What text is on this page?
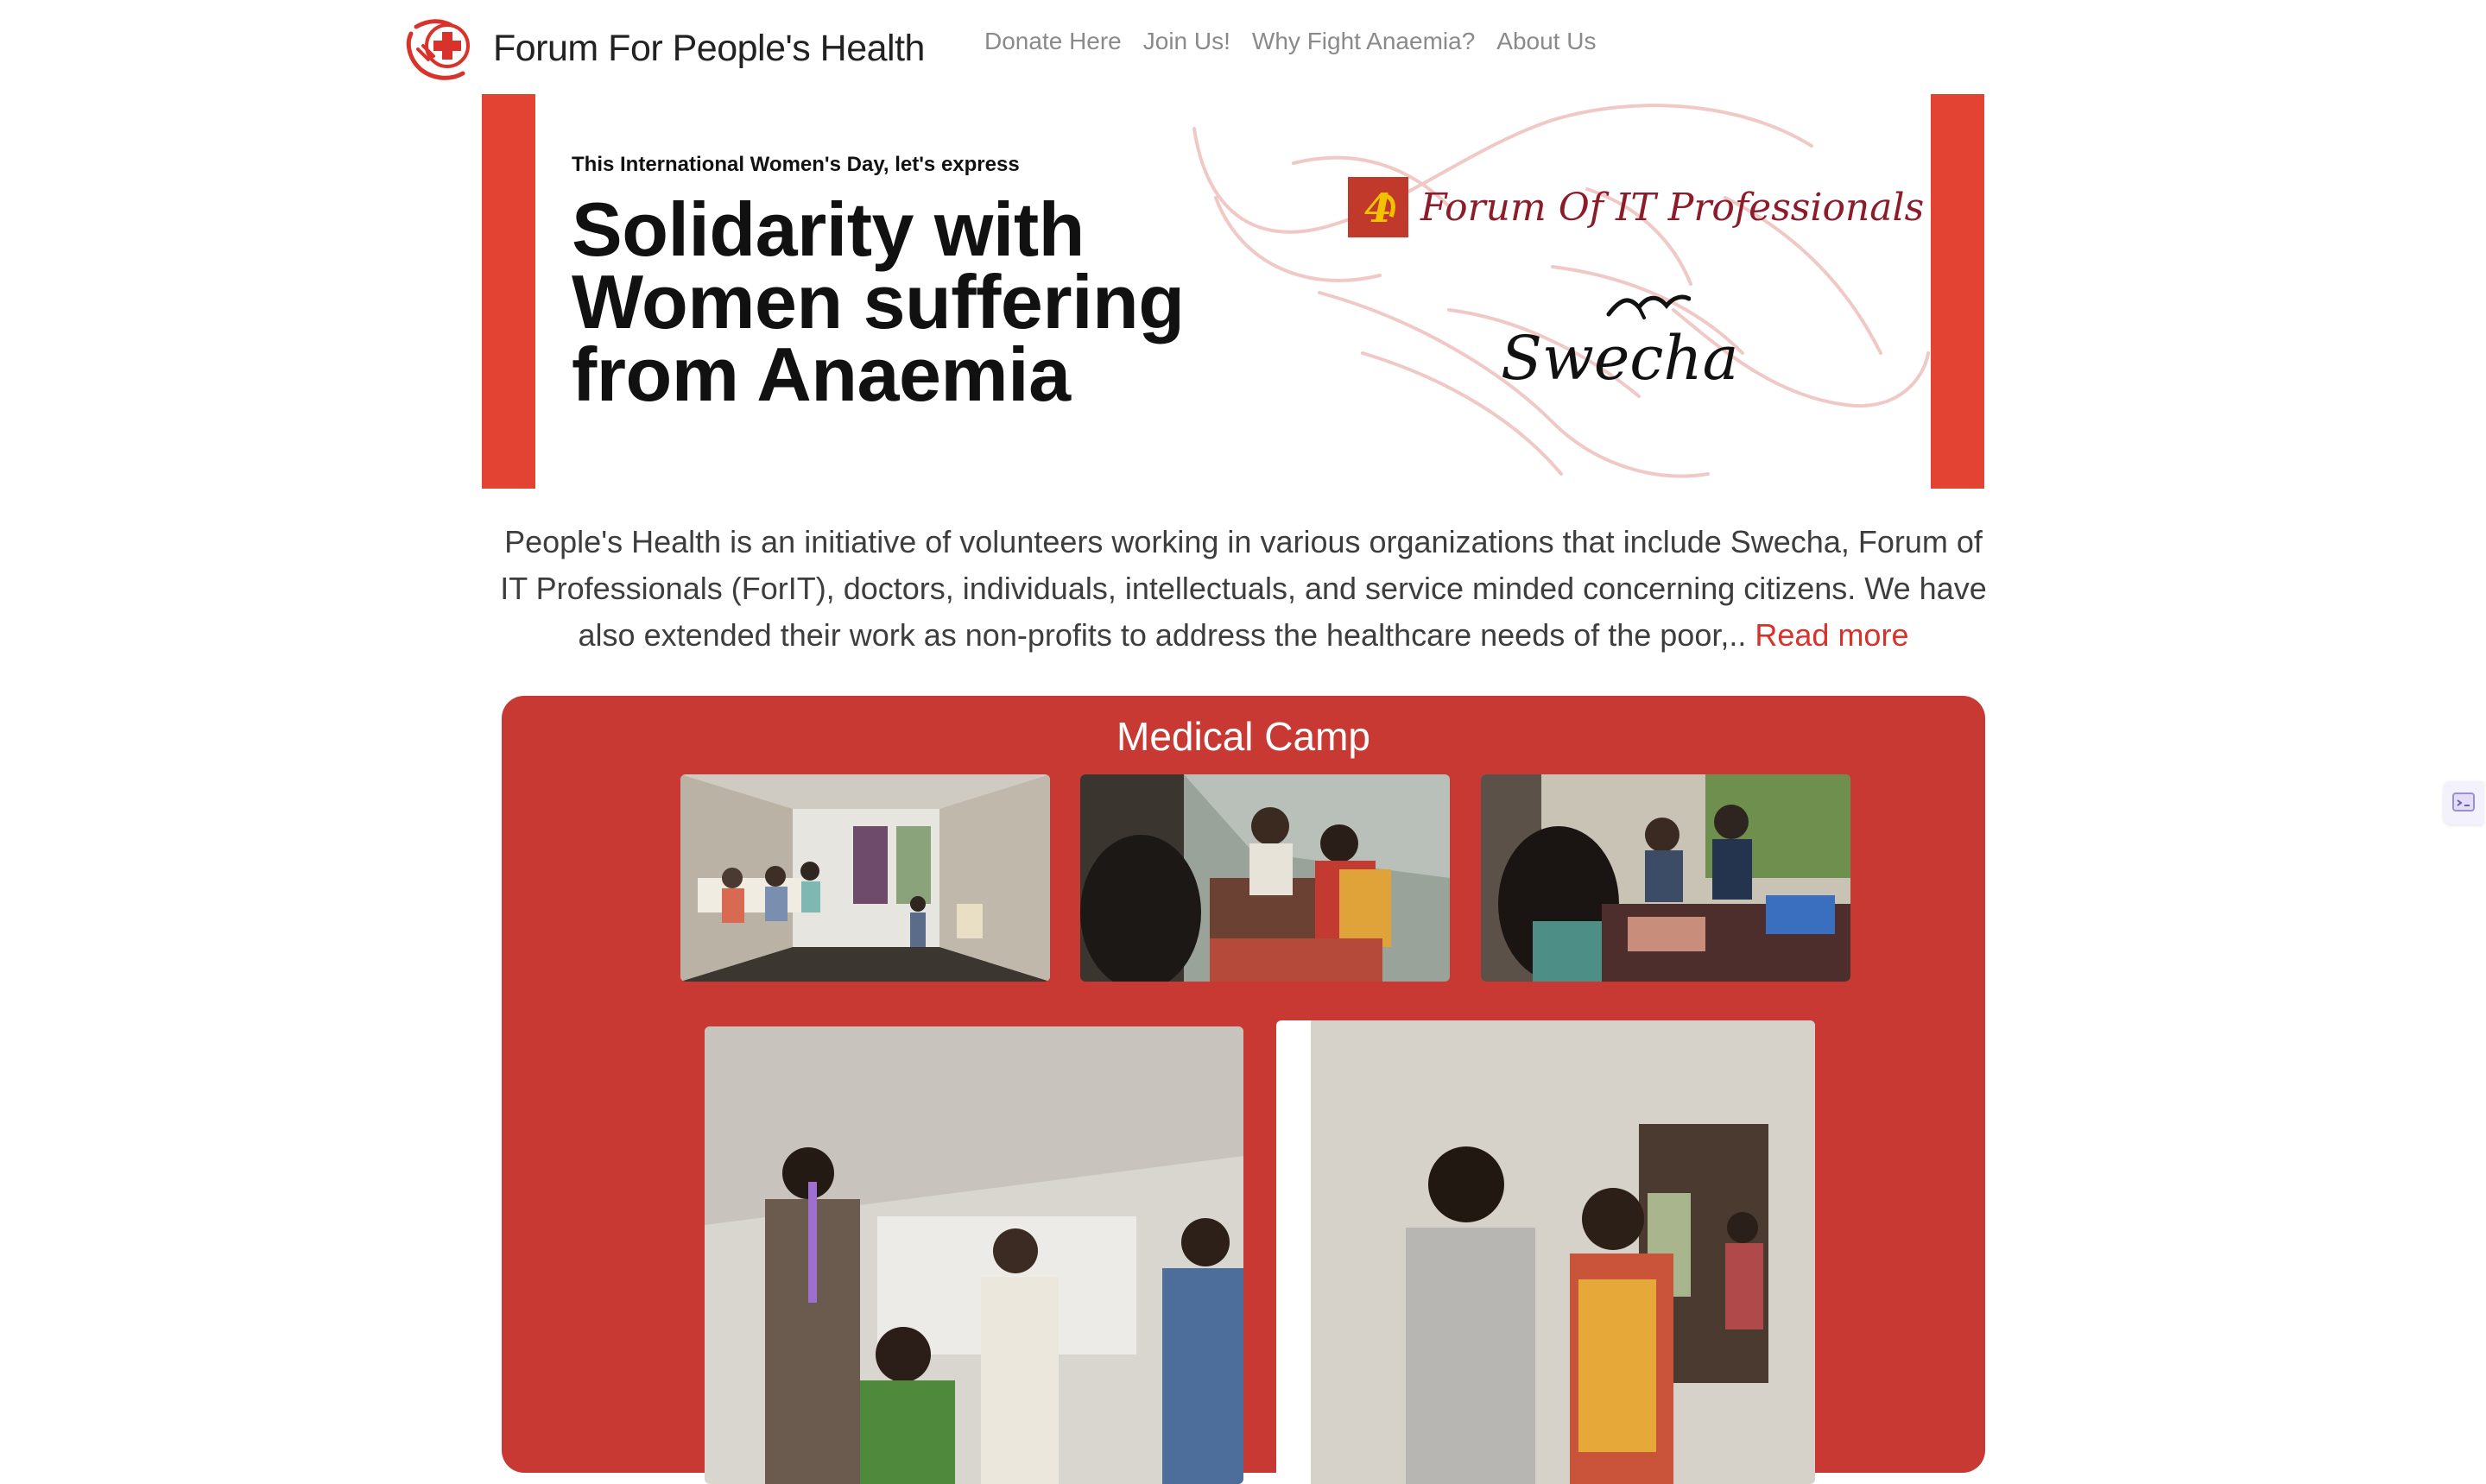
Forum For People's Health Donate Here Join Us! Why Fight Anaemia? About Us
This International Women's Day, let's express
Solidarity with Women suffering from Anaemia
4 Forum Of IT Professionals
Swecha

People's Health is an initiative of volunteers working in various organizations that include Swecha, Forum of IT Professionals (ForIT), doctors, individuals, intellectuals, and service minded concerning citizens. We have also extended their work as non-profits to address the healthcare needs of the poor,.. Read more

Medical Camp
